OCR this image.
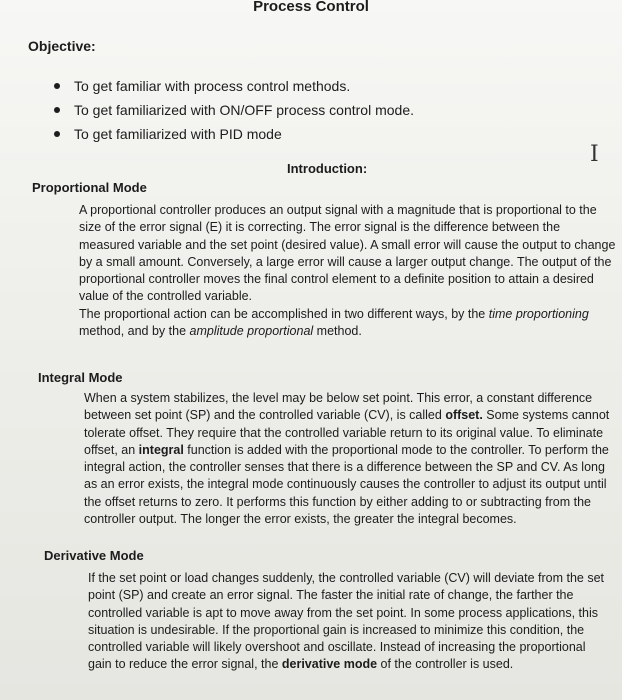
Process Control
Objective:
To get familiar with process control methods.
To get familiarized with ON/OFF process control mode.
To get familiarized with PID mode
I
Introduction:
Proportional Mode

A proportional controller produces an output signal with a magnitude that is proportional to the size of the error signal (E) it is correcting. The error signal is the difference between the measured variable and the set point (desired value). A small error will cause the output to change by a small amount. Conversely, a large error will cause a larger output change. The output of the proportional controller moves the final control element to a definite position to attain a desired value of the controlled variable.

The proportional action can be accomplished in two different ways, by the time proportioning method, and by the amplitude proportional method.

Integral Mode

When a system stabilizes, the level may be below set point. This error, a constant difference between set point (SP) and the controlled variable (CV), is called offset. Some systems cannot tolerate offset. They require that the controlled variable return to its original value. To eliminate offset, an integral function is added with the proportional mode to the controller. To perform the integral action, the controller senses that there is a difference between the SP and CV. As long as an error exists, the integral mode continuously causes the controller to adjust its output until the offset returns to zero. It performs this function by either adding to or subtracting from the controller output. The longer the error exists, the greater the integral becomes.

Derivative Mode

If the set point or load changes suddenly, the controlled variable (CV) will deviate from the set point (SP) and create an error signal. The faster the initial rate of change, the farther the controlled variable is apt to move away from the set point. In some process applications, this situation is undesirable. If the proportional gain is increased to minimize this condition, the controlled variable will likely overshoot and oscillate. Instead of increasing the proportional gain to reduce the error signal, the derivative mode of the controller is used.
